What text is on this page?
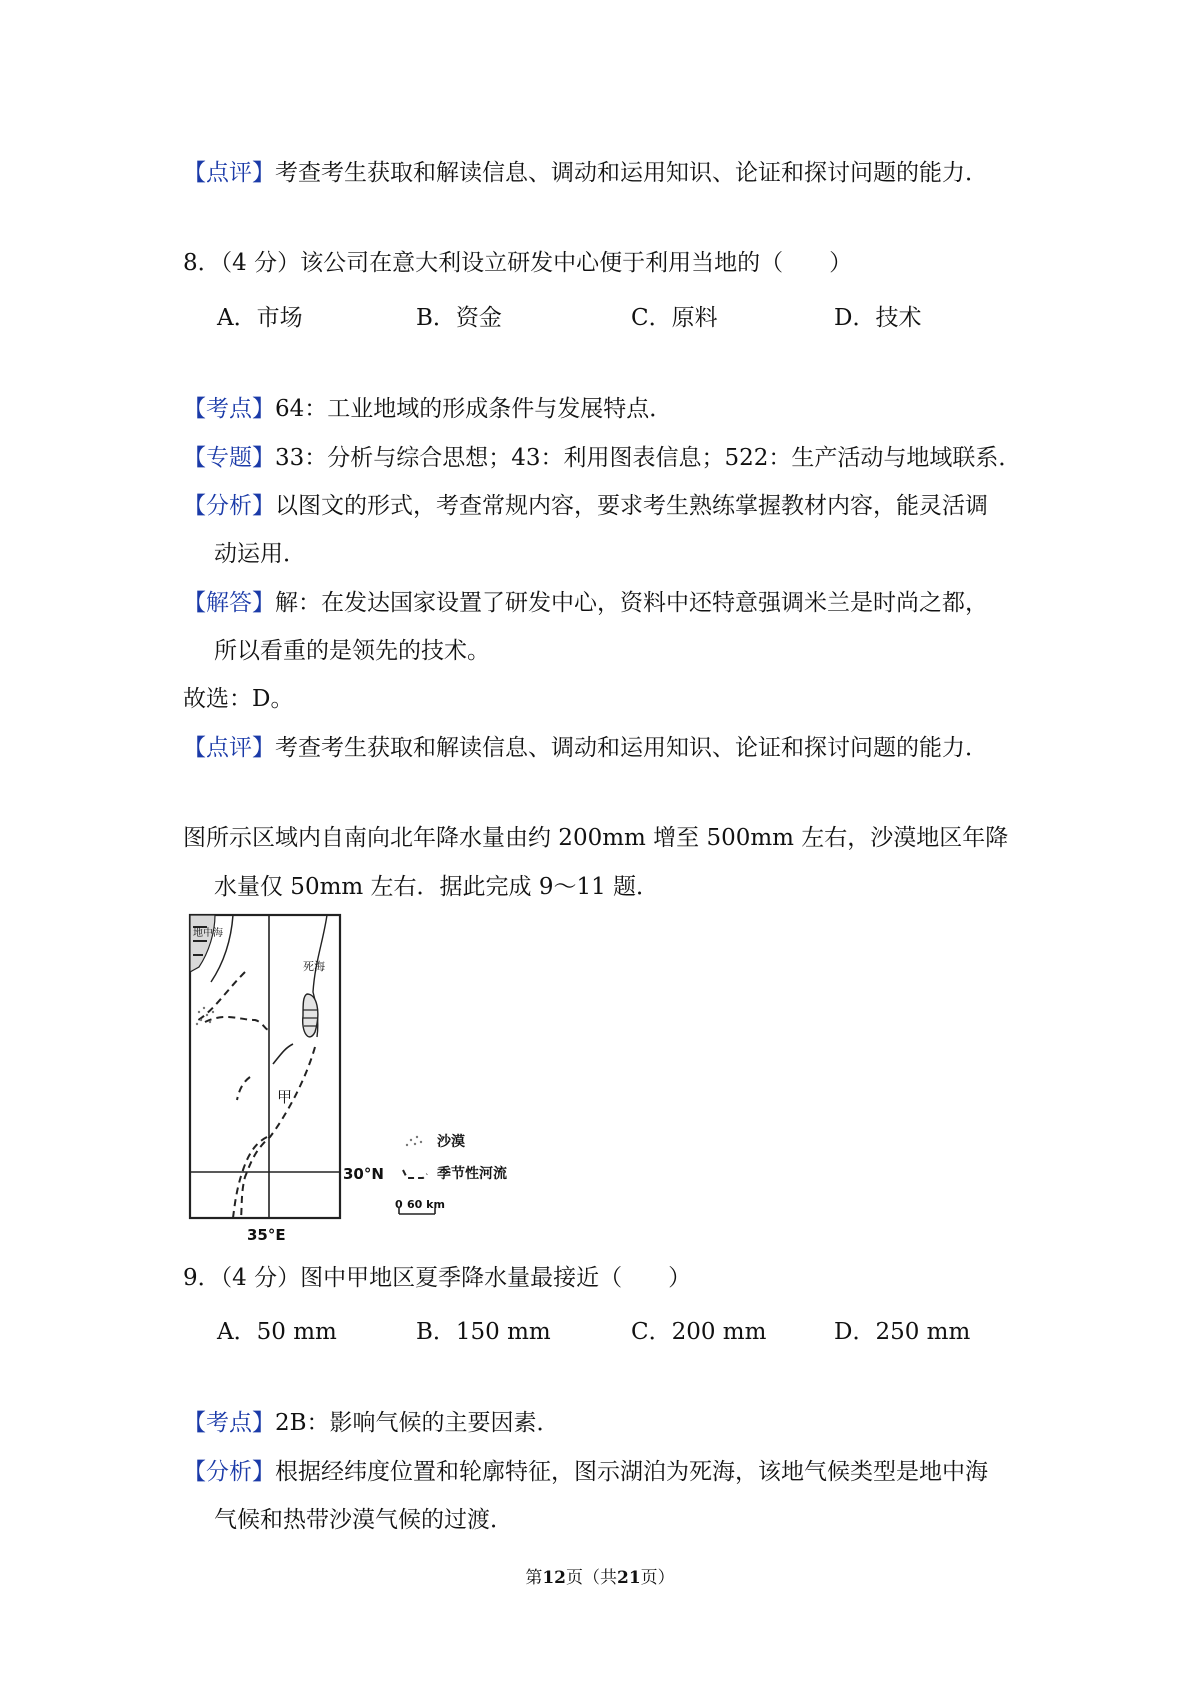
【点评】考查考生获取和解读信息、调动和运用知识、论证和探讨问题的能力．
8．（4 分）该公司在意大利设立研发中心便于利用当地的（　　）
A．市场	B．资金	C．原料	D．技术
【考点】64：工业地域的形成条件与发展特点．
【专题】33：分析与综合思想；43：利用图表信息；522：生产活动与地域联系．
【分析】以图文的形式，考查常规内容，要求考生熟练掌握教材内容，能灵活调
动运用．
【解答】解：在发达国家设置了研发中心，资料中还特意强调米兰是时尚之都，
所以看重的是领先的技术。
故选：D。
【点评】考查考生获取和解读信息、调动和运用知识、论证和探讨问题的能力．
图所示区域内自南向北年降水量由约 200mm 增至 500mm 左右，沙漠地区年降
水量仅 50mm 左右．据此完成 9～11 题．
地中海
死海
甲
30°N
35°E
沙漠
季节性河流
0 60 km
9．（4 分）图中甲地区夏季降水量最接近（　　）
A．50 mm	B．150 mm	C．200 mm	D．250 mm
【考点】2B：影响气候的主要因素．
【分析】根据经纬度位置和轮廓特征，图示湖泊为死海，该地气候类型是地中海
气候和热带沙漠气候的过渡．
第12页（共21页）
